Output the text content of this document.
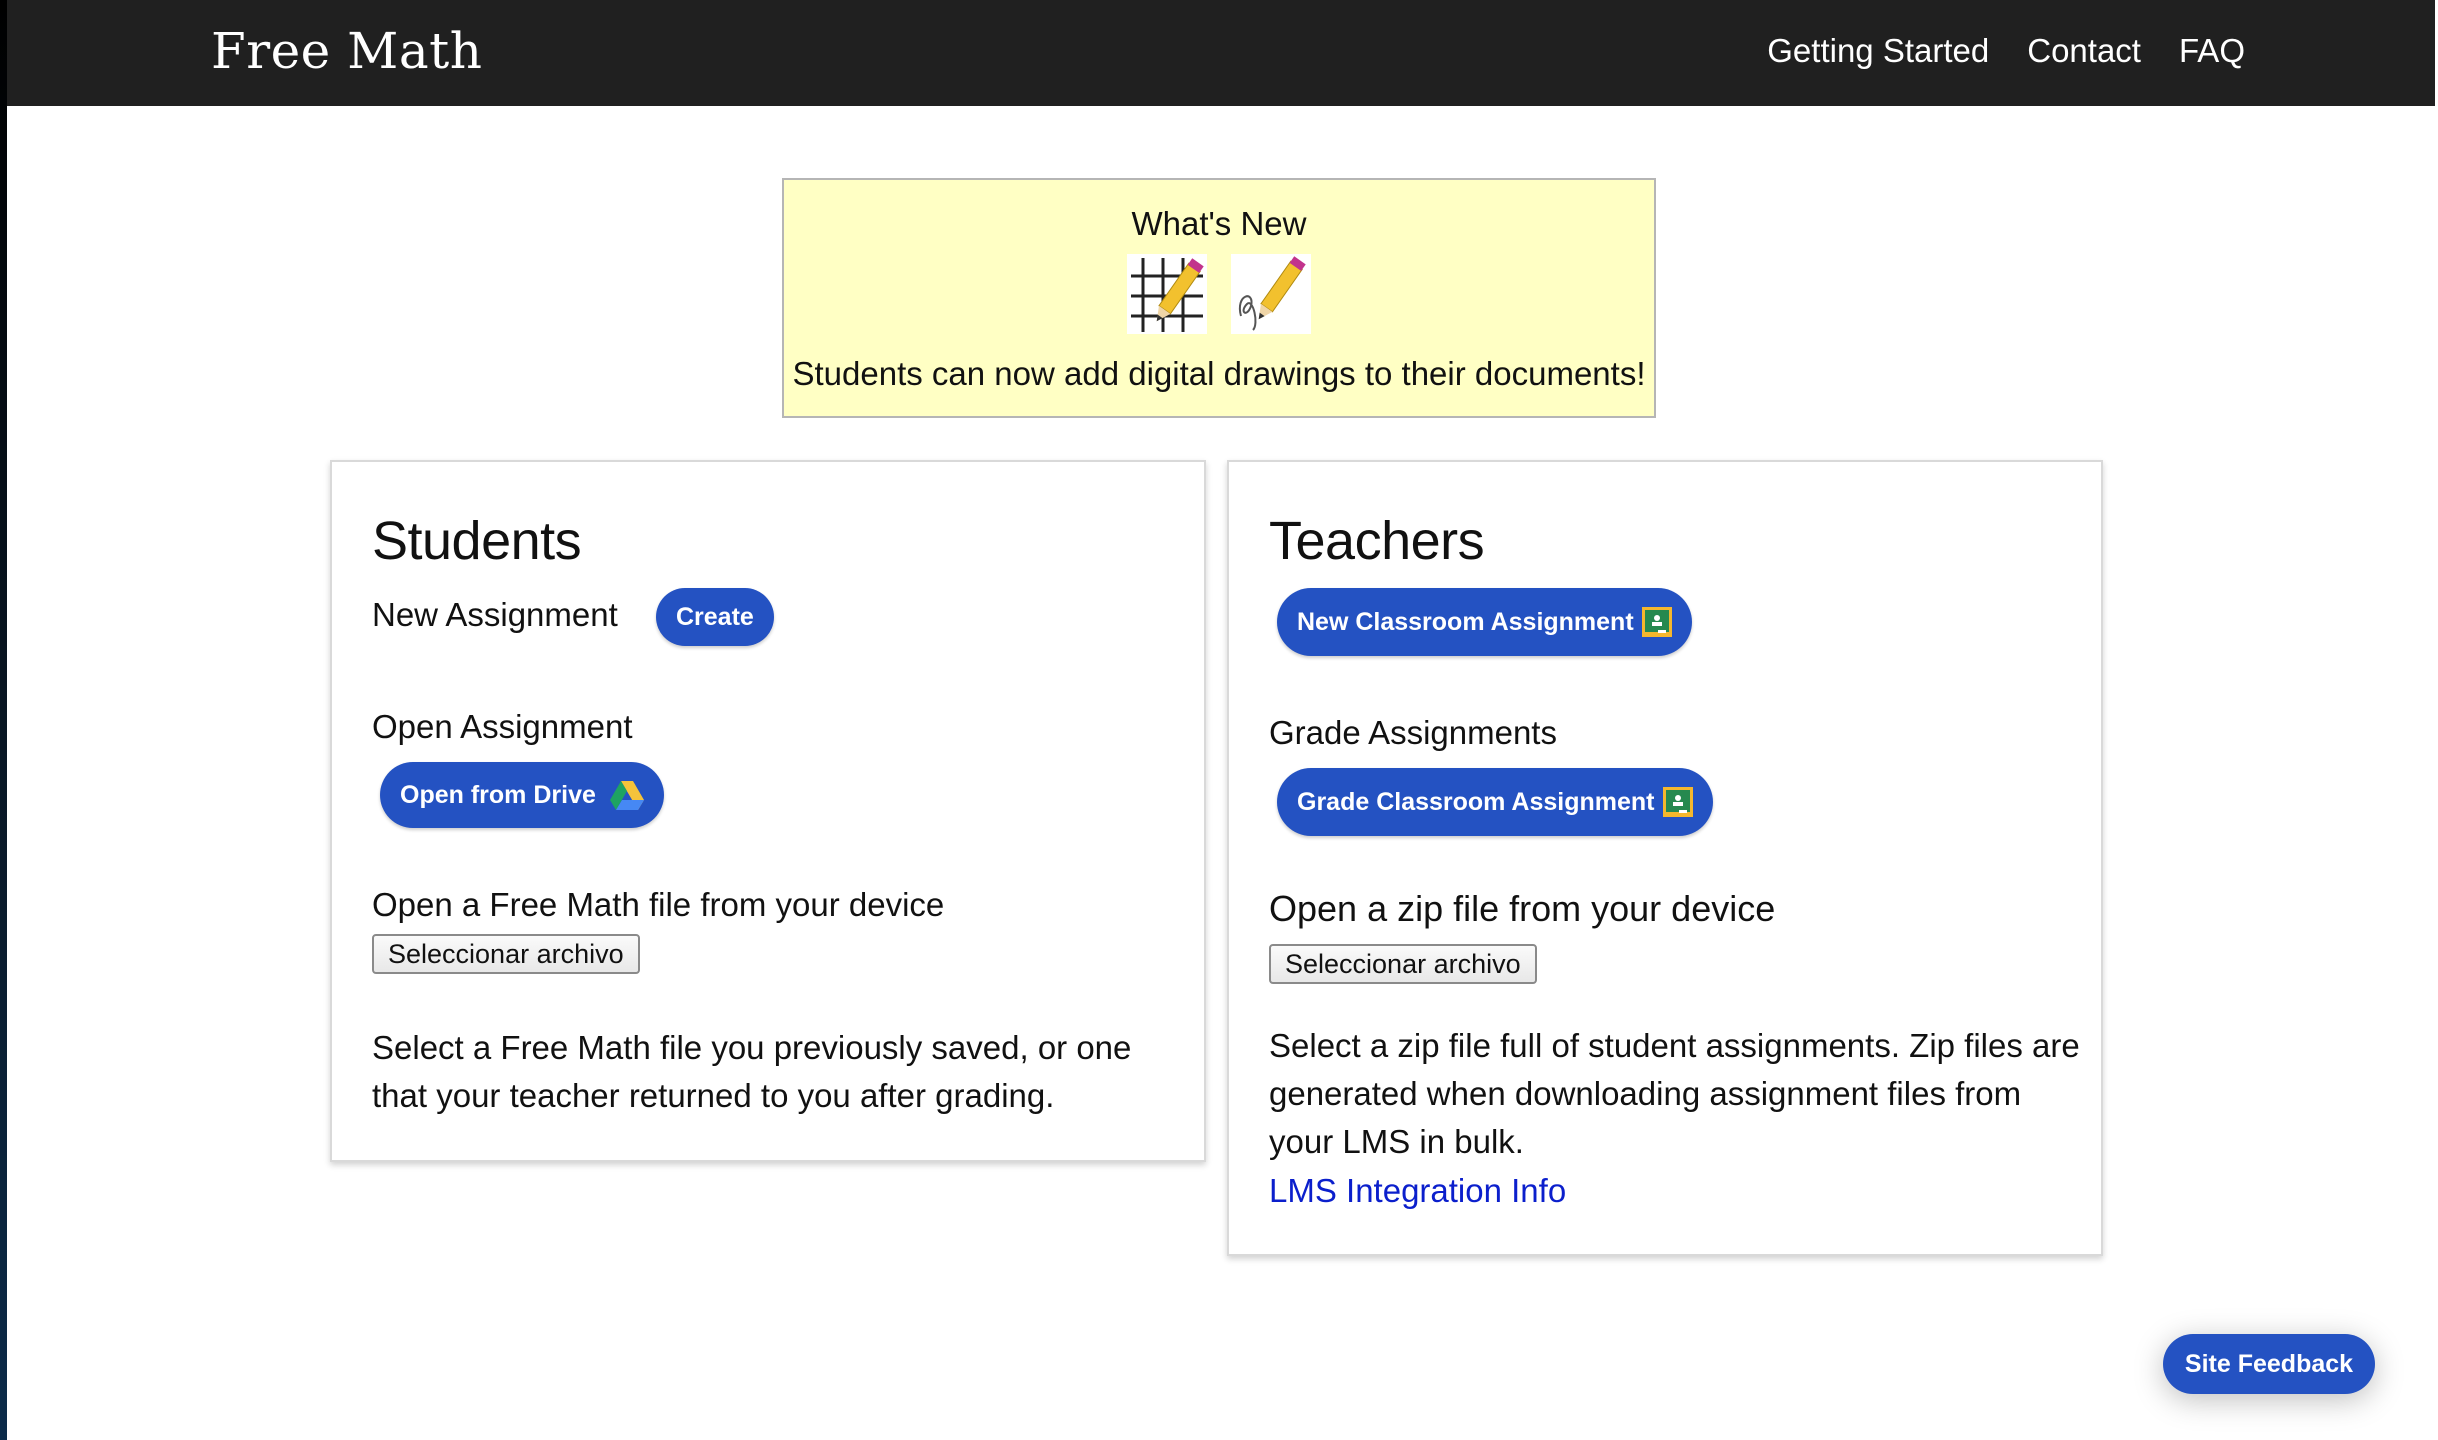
Free Math	Getting Started Contact FAQ
What's New
Students can now add digital drawings to their documents!
Students
New Assignment Create
Open Assignment
Open from Drive
Open a Free Math file from your device
Seleccionar archivo
Select a Free Math file you previously saved, or one that your teacher returned to you after grading.
Teachers
New Classroom Assignment
Grade Assignments
Grade Classroom Assignment
Open a zip file from your device
Seleccionar archivo
Select a zip file full of student assignments. Zip files are generated when downloading assignment files from your LMS in bulk.
LMS Integration Info
Site Feedback
